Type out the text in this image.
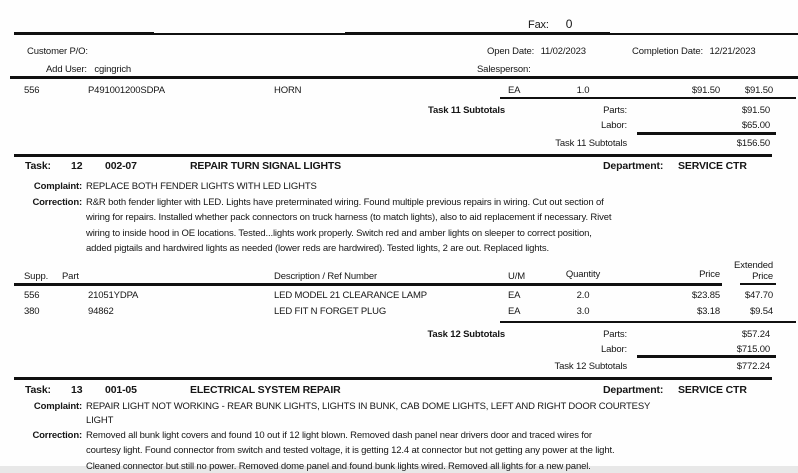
Fax: 0
Customer P/O:	Open Date: 11/02/2023	Completion Date: 12/21/2023
Add User: cgingrich	Salesperson:
556	P491001200SDPA	HORN	EA	1.0	$91.50	$91.50
Task 11 Subtotals	Parts:	$91.50
Labor:	$65.00
Task 11 Subtotals	$156.50
Task: 12 002-07	REPAIR TURN SIGNAL LIGHTS	Department: SERVICE CTR
Complaint: REPLACE BOTH FENDER LIGHTS WITH LED LIGHTS
Correction: R&R both fender lighter with LED. Lights have preterminated wiring. Found multiple previous repairs in wiring. Cut out section of
wiring for repairs. Installed whether pack connectors on truck harness (to match lights), also to aid replacement if necessary. Rivet
wiring to inside hood in OE locations. Tested...lights work properly. Switch red and amber lights on sleeper to correct position,
added pigtails and hardwired lights as needed (lower reds are hardwired). Tested lights, 2 are out. Replaced lights.
Extended
Supp. Part	Description / Ref Number	U/M	Quantity	Price	Price
556	21051YDPA	LED MODEL 21 CLEARANCE LAMP	EA	2.0	$23.85	$47.70
380	94862	LED FIT N FORGET PLUG	EA	3.0	$3.18	$9.54
Task 12 Subtotals	Parts:	$57.24
Labor:	$715.00
Task 12 Subtotals	$772.24
Task: 13 001-05	ELECTRICAL SYSTEM REPAIR	Department: SERVICE CTR
Complaint: REPAIR LIGHT NOT WORKING - REAR BUNK LIGHTS, LIGHTS IN BUNK, CAB DOME LIGHTS, LEFT AND RIGHT DOOR COURTESY
LIGHT
Correction: Removed all bunk light covers and found 10 out if 12 light blown. Removed dash panel near drivers door and traced wires for
courtesy light. Found connector from switch and tested voltage, it is getting 12.4 at connector but not getting any power at the light.
Cleaned connector but still no power. Removed dome panel and found bunk lights wired. Removed all lights for a new panel.
